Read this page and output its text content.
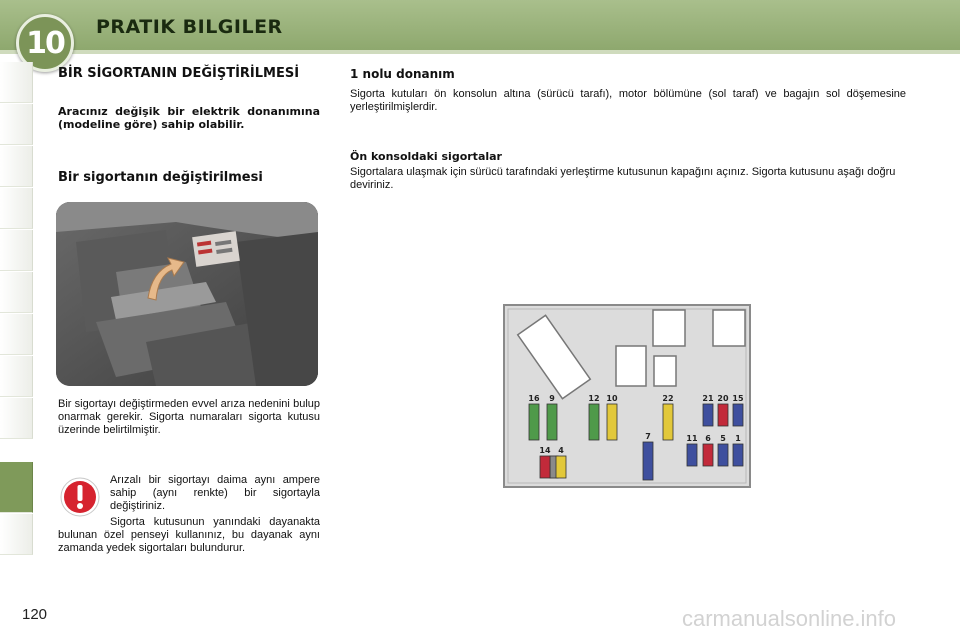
10 PRATIK BILGILER
BİR SİGORTANIN DEĞİŞTİRİLMESİ
Aracınız değişik bir elektrik donanımına (modeline göre) sahip olabilir.
Bir sigortanın değiştirilmesi
Bir sigortayı değiştirmeden evvel arıza nedenini bulup onarmak gerekir. Sigorta numaraları sigorta kutusu üzerinde belirtilmiştir.
Arızalı bir sigortayı daima aynı ampere sahip (aynı renkte) bir sigortayla değiştiriniz.
Sigorta kutusunun yanındaki dayanakta bulunan özel penseyi kullanınız, bu dayanak aynı zamanda yedek sigortaları bulundurur.
1 nolu donanım
Sigorta kutuları ön konsolun altına (sürücü tarafı), motor bölümüne (sol taraf) ve bagajın sol döşemesine yerleştirilmişlerdir.
Ön konsoldaki sigortalar
Sigortalara ulaşmak için sürücü tarafındaki yerleştirme kutusunun kapağını açınız. Sigorta kutusunu aşağı doğru deviriniz.
16 9	12 10	22	21 20 15
14 4
7	11 6 5 1
120	carmanualsonline.info
